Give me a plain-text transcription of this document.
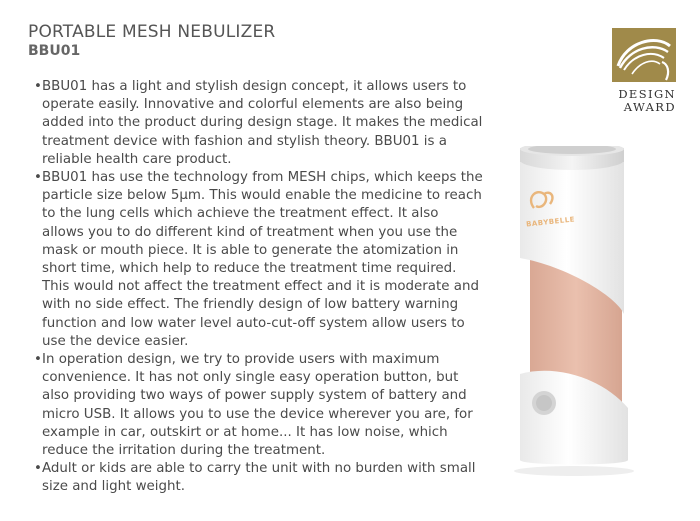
PORTABLE MESH NEBULIZER
BBU01
•BBU01 has a light and stylish design concept, it allows users to operate easily. Innovative and colorful elements are also being added into the product during design stage. It makes the medical treatment device with fashion and stylish theory. BBU01 is a reliable health care product.
•BBU01 has use the technology from MESH chips, which keeps the particle size below 5μm. This would enable the medicine to reach to the lung cells which achieve the treatment effect. It also allows you to do different kind of treatment when you use the mask or mouth piece. It is able to generate the atomization in short time, which help to reduce the treatment time required. This would not affect the treatment effect and it is moderate and with no side effect. The friendly design of low battery warning function and low water level auto-cut-off system allow users to use the device easier.
•In operation design, we try to provide users with maximum convenience. It has not only single easy operation button, but also providing two ways of power supply system of battery and micro USB. It allows you to use the device wherever you are, for example in car, outskirt or at home... It has low noise, which reduce the irritation during the treatment.
•Adult or kids are able to carry the unit with no burden with small size and light weight.
DESIGN
AWARD
BABYBELLE
